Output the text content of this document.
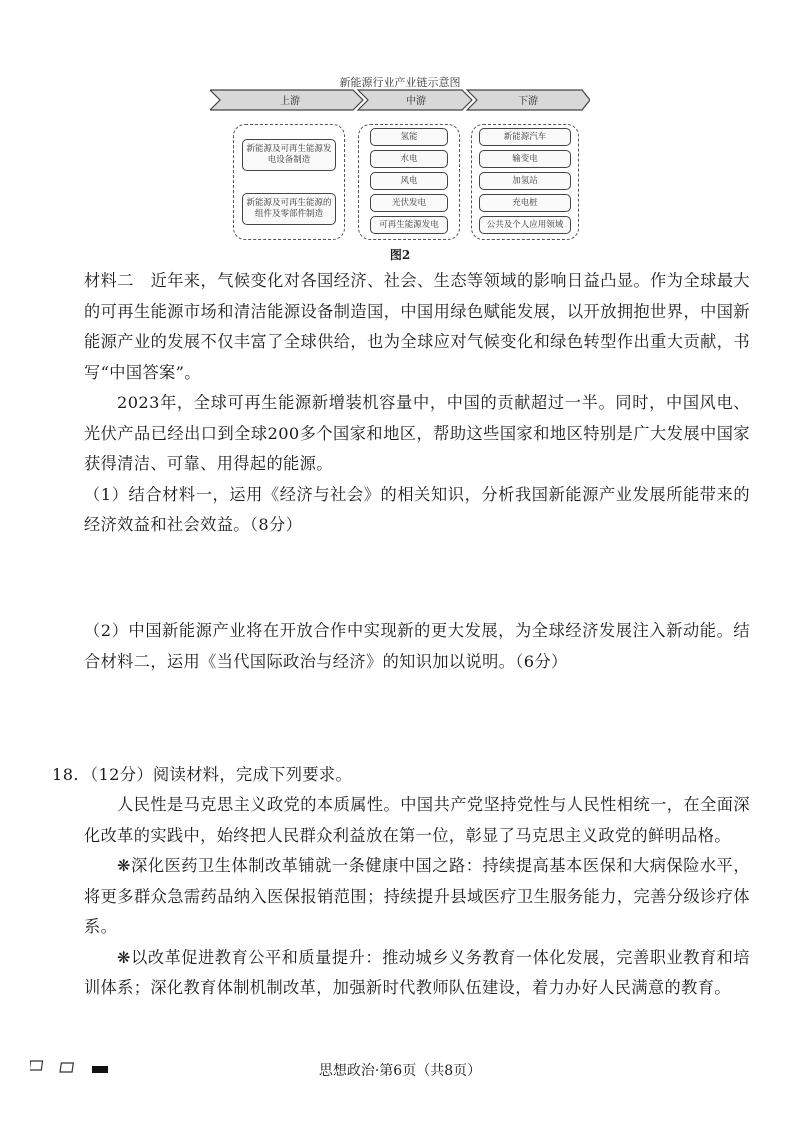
新能源行业产业链示意图
上游	中游	下游
新能源及可再生能源发电设备制造
新能源及可再生能源的组件及零部件制造
氢能
水电
风电
光伏发电
可再生能源发电
新能源汽车
输变电
加氢站
充电桩
公共及个人应用领域
图2

材料二　近年来，气候变化对各国经济、社会、生态等领域的影响日益凸显。作为全球最大的可再生能源市场和清洁能源设备制造国，中国用绿色赋能发展，以开放拥抱世界，中国新能源产业的发展不仅丰富了全球供给，也为全球应对气候变化和绿色转型作出重大贡献，书写“中国答案”。

2023年，全球可再生能源新增装机容量中，中国的贡献超过一半。同时，中国风电、光伏产品已经出口到全球200多个国家和地区，帮助这些国家和地区特别是广大发展中国家获得清洁、可靠、用得起的能源。

（1）结合材料一，运用《经济与社会》的相关知识，分析我国新能源产业发展所能带来的经济效益和社会效益。（8分）

（2）中国新能源产业将在开放合作中实现新的更大发展，为全球经济发展注入新动能。结合材料二，运用《当代国际政治与经济》的知识加以说明。（6分）

18．（12分）阅读材料，完成下列要求。

人民性是马克思主义政党的本质属性。中国共产党坚持党性与人民性相统一，在全面深化改革的实践中，始终把人民群众利益放在第一位，彰显了马克思主义政党的鲜明品格。

❋深化医药卫生体制改革铺就一条健康中国之路：持续提高基本医保和大病保险水平，将更多群众急需药品纳入医保报销范围；持续提升县域医疗卫生服务能力，完善分级诊疗体系。

❋以改革促进教育公平和质量提升：推动城乡义务教育一体化发展，完善职业教育和培训体系；深化教育体制机制改革，加强新时代教师队伍建设，着力办好人民满意的教育。

思想政治·第6页（共8页）
